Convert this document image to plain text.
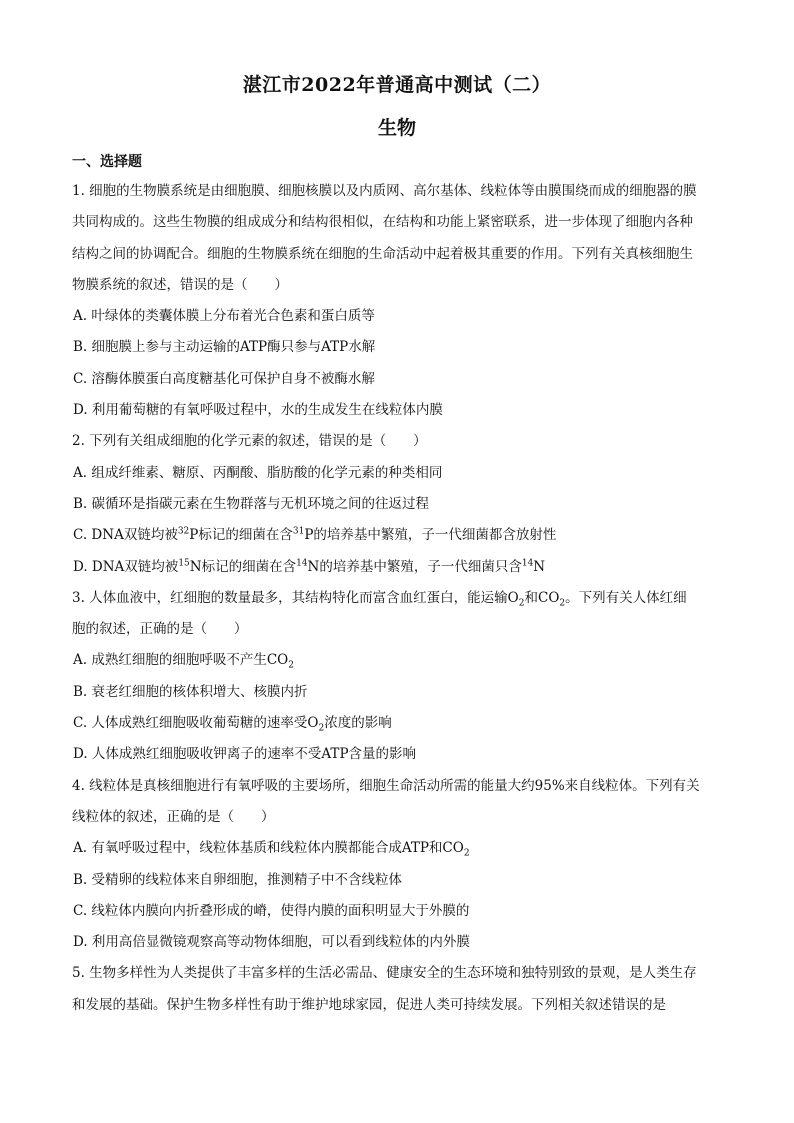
湛江市2022年普通高中测试（二）
生物
一、选择题
1. 细胞的生物膜系统是由细胞膜、细胞核膜以及内质网、高尔基体、线粒体等由膜围绕而成的细胞器的膜
共同构成的。这些生物膜的组成成分和结构很相似，在结构和功能上紧密联系，进一步体现了细胞内各种
结构之间的协调配合。细胞的生物膜系统在细胞的生命活动中起着极其重要的作用。下列有关真核细胞生
物膜系统的叙述，错误的是（　　）
A. 叶绿体的类囊体膜上分布着光合色素和蛋白质等
B. 细胞膜上参与主动运输的ATP酶只参与ATP水解
C. 溶酶体膜蛋白高度糖基化可保护自身不被酶水解
D. 利用葡萄糖的有氧呼吸过程中，水的生成发生在线粒体内膜
2. 下列有关组成细胞的化学元素的叙述，错误的是（　　）
A. 组成纤维素、糖原、丙酮酸、脂肪酸的化学元素的种类相同
B. 碳循环是指碳元素在生物群落与无机环境之间的往返过程
C. DNA双链均被$^{32}$P标记的细菌在含$^{31}$P的培养基中繁殖，子一代细菌都含放射性
D. DNA双链均被$^{15}$N标记的细菌在含$^{14}$N的培养基中繁殖，子一代细菌只含$^{14}$N
3. 人体血液中，红细胞的数量最多，其结构特化而富含血红蛋白，能运输$O_2$和$CO_2$。下列有关人体红细
胞的叙述，正确的是（　　）
A. 成熟红细胞的细胞呼吸不产生$CO_2$
B. 衰老红细胞的核体积增大、核膜内折
C. 人体成熟红细胞吸收葡萄糖的速率受$O_2$浓度的影响
D. 人体成熟红细胞吸收钾离子的速率不受ATP含量的影响
4. 线粒体是真核细胞进行有氧呼吸的主要场所，细胞生命活动所需的能量大约95%来自线粒体。下列有关
线粒体的叙述，正确的是（　　）
A. 有氧呼吸过程中，线粒体基质和线粒体内膜都能合成ATP和$CO_2$
B. 受精卵的线粒体来自卵细胞，推测精子中不含线粒体
C. 线粒体内膜向内折叠形成的嵴，使得内膜的面积明显大于外膜的
D. 利用高倍显微镜观察高等动物体细胞，可以看到线粒体的内外膜
5. 生物多样性为人类提供了丰富多样的生活必需品、健康安全的生态环境和独特别致的景观，是人类生存
和发展的基础。保护生物多样性有助于维护地球家园，促进人类可持续发展。下列相关叙述错误的是
